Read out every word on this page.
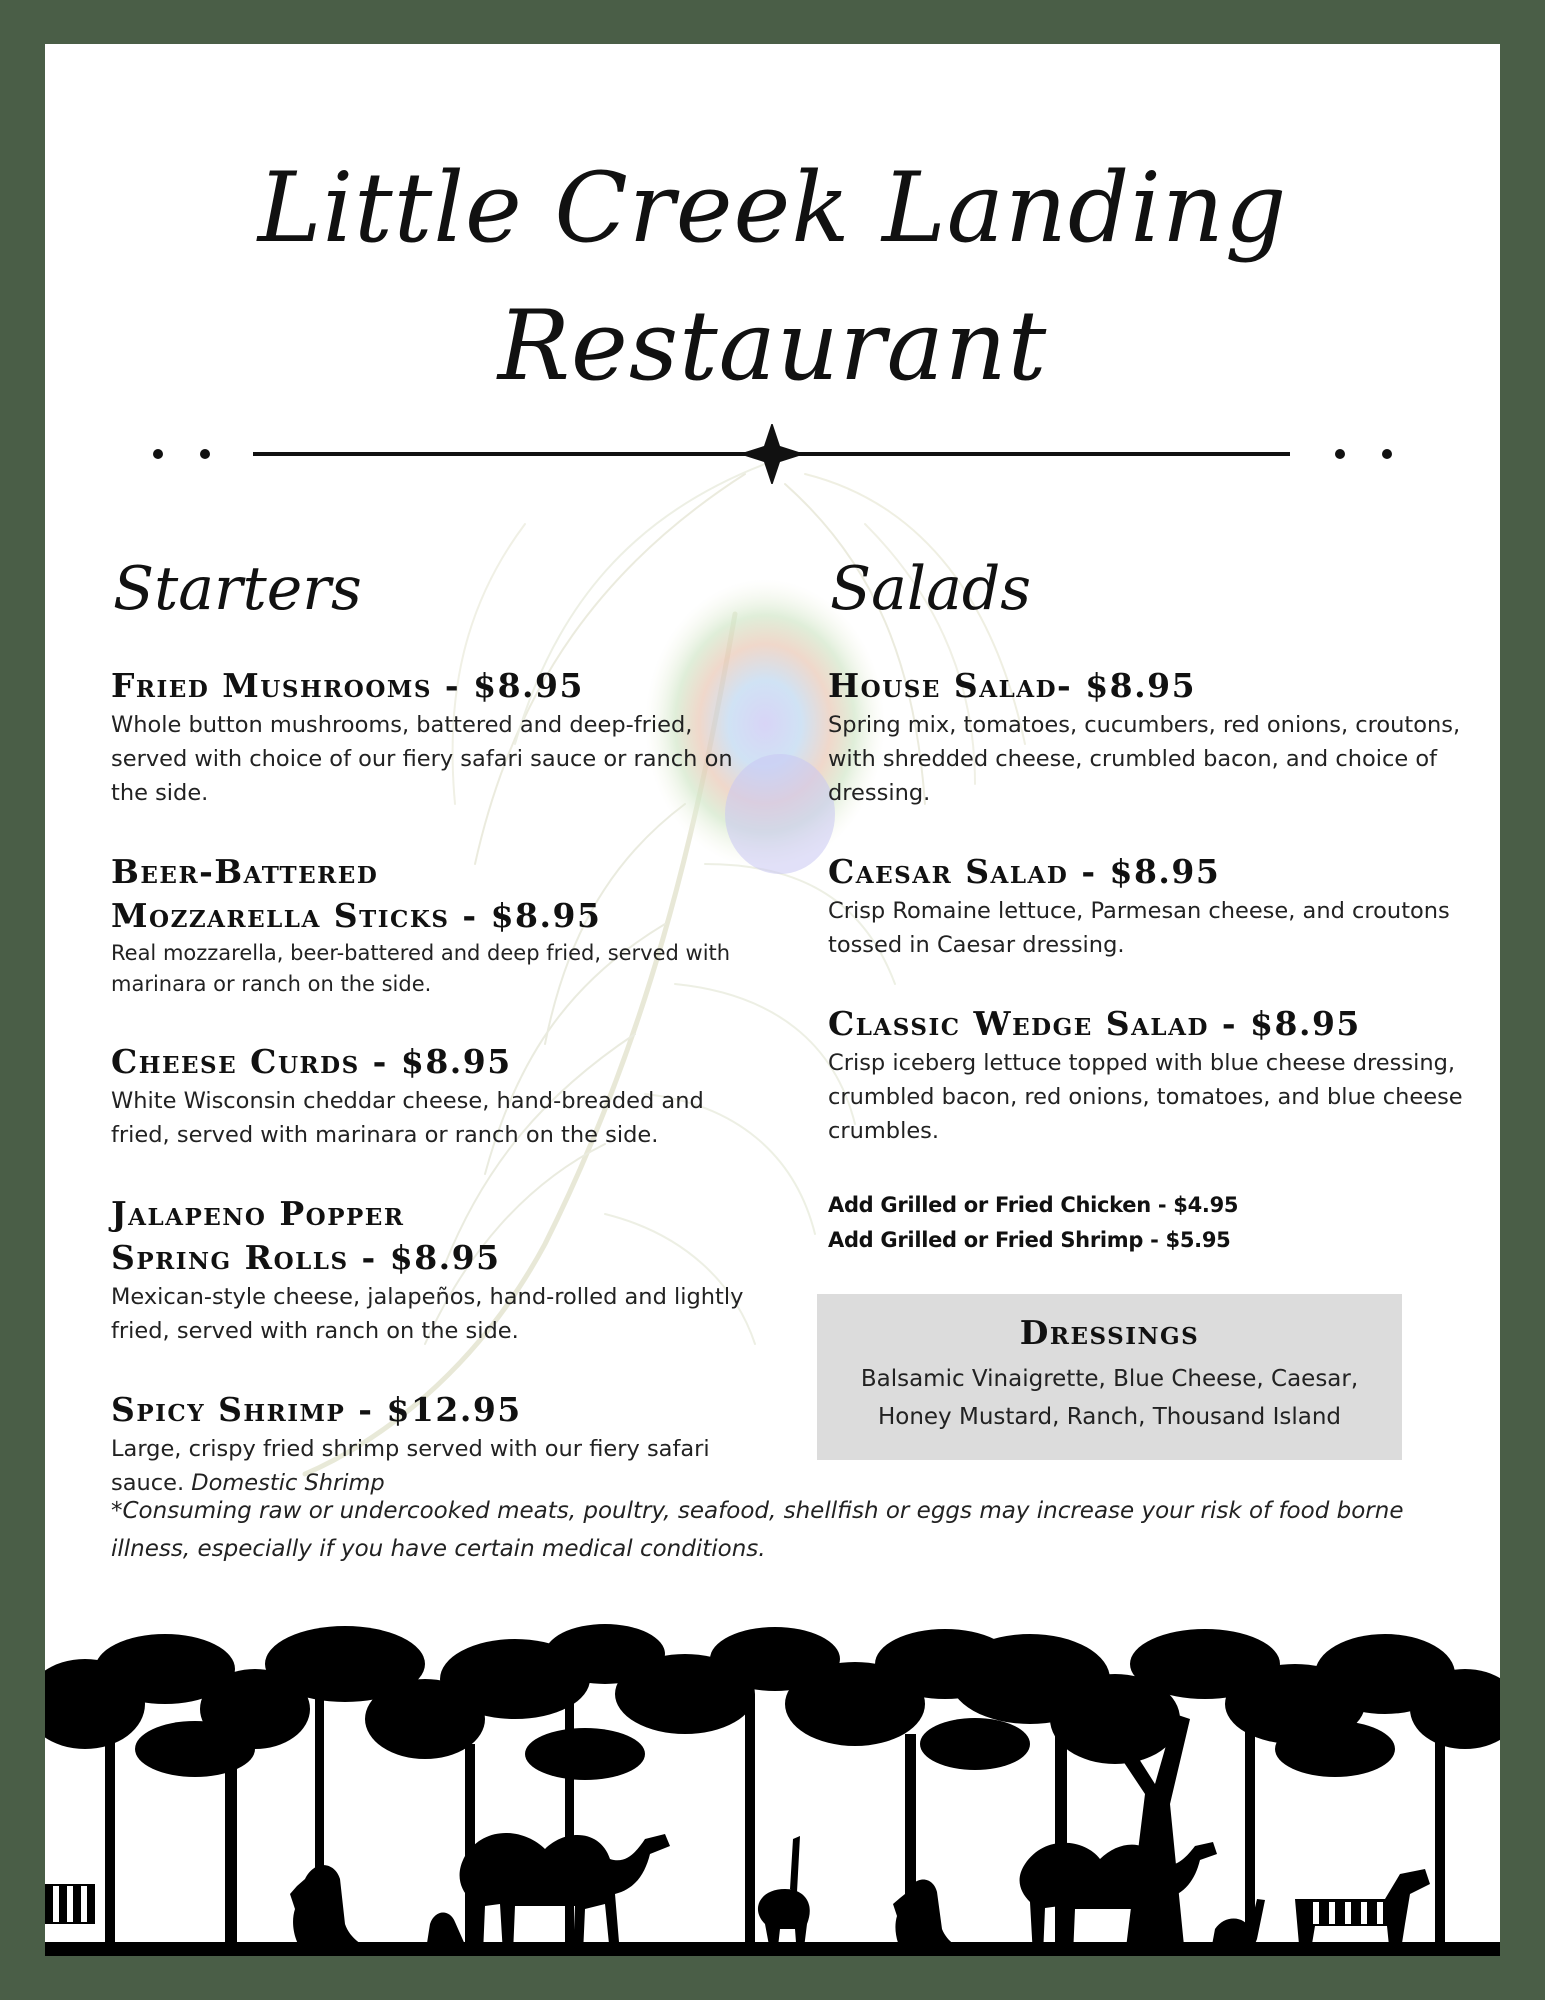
Little Creek Landing
Restaurant
Starters
Fried Mushrooms - $8.95
Whole button mushrooms, battered and deep-fried, served with choice of our fiery safari sauce or ranch on the side.
Beer-Battered
Mozzarella Sticks - $8.95
Real mozzarella, beer-battered and deep fried, served with marinara or ranch on the side.
Cheese Curds - $8.95
White Wisconsin cheddar cheese, hand-breaded and fried, served with marinara or ranch on the side.
Jalapeno Popper
Spring Rolls - $8.95
Mexican-style cheese, jalapeños, hand-rolled and lightly fried, served with ranch on the side.
Spicy Shrimp - $12.95
Large, crispy fried shrimp served with our fiery safari sauce. Domestic Shrimp
Salads
House Salad- $8.95
Spring mix, tomatoes, cucumbers, red onions, croutons, with shredded cheese, crumbled bacon, and choice of dressing.
Caesar Salad - $8.95
Crisp Romaine lettuce, Parmesan cheese, and croutons tossed in Caesar dressing.
Classic Wedge Salad - $8.95
Crisp iceberg lettuce topped with blue cheese dressing, crumbled bacon, red onions, tomatoes, and blue cheese crumbles.
Add Grilled or Fried Chicken - $4.95
Add Grilled or Fried Shrimp - $5.95
Dressings
Balsamic Vinaigrette, Blue Cheese, Caesar,
Honey Mustard, Ranch, Thousand Island
*Consuming raw or undercooked meats, poultry, seafood, shellfish or eggs may increase your risk of food borne illness, especially if you have certain medical conditions.
